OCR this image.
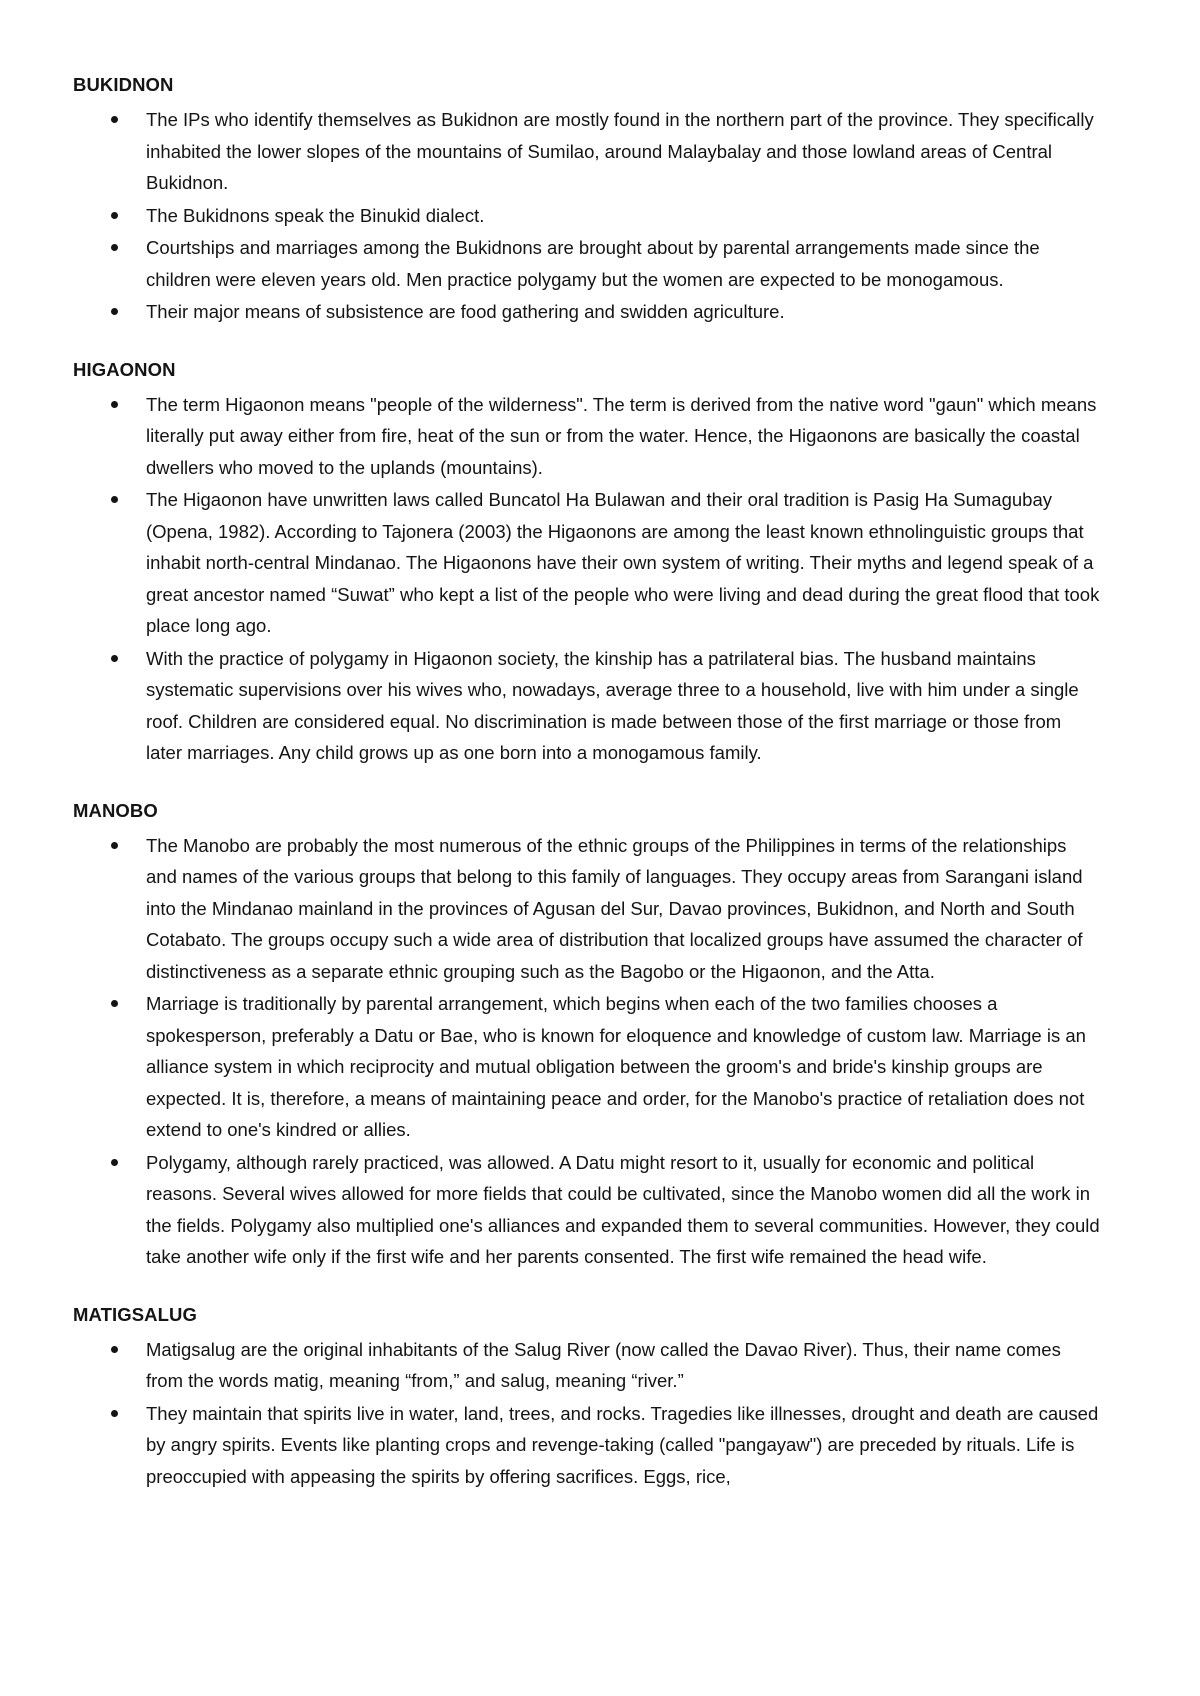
BUKIDNON
The IPs who identify themselves as Bukidnon are mostly found in the northern part of the province. They specifically inhabited the lower slopes of the mountains of Sumilao, around Malaybalay and those lowland areas of Central Bukidnon.
The Bukidnons speak the Binukid dialect.
Courtships and marriages among the Bukidnons are brought about by parental arrangements made since the children were eleven years old. Men practice polygamy but the women are expected to be monogamous.
Their major means of subsistence are food gathering and swidden agriculture.
HIGAONON
The term Higaonon means "people of the wilderness". The term is derived from the native word "gaun" which means literally put away either from fire, heat of the sun or from the water. Hence, the Higaonons are basically the coastal dwellers who moved to the uplands (mountains).
The Higaonon have unwritten laws called Buncatol Ha Bulawan and their oral tradition is Pasig Ha Sumagubay (Opena, 1982). According to Tajonera (2003) the Higaonons are among the least known ethnolinguistic groups that inhabit north-central Mindanao. The Higaonons have their own system of writing. Their myths and legend speak of a great ancestor named “Suwat” who kept a list of the people who were living and dead during the great flood that took place long ago.
With the practice of polygamy in Higaonon society, the kinship has a patrilateral bias. The husband maintains systematic supervisions over his wives who, nowadays, average three to a household, live with him under a single roof. Children are considered equal. No discrimination is made between those of the first marriage or those from later marriages. Any child grows up as one born into a monogamous family.
MANOBO
The Manobo are probably the most numerous of the ethnic groups of the Philippines in terms of the relationships and names of the various groups that belong to this family of languages. They occupy areas from Sarangani island into the Mindanao mainland in the provinces of Agusan del Sur, Davao provinces, Bukidnon, and North and South Cotabato. The groups occupy such a wide area of distribution that localized groups have assumed the character of distinctiveness as a separate ethnic grouping such as the Bagobo or the Higaonon, and the Atta.
Marriage is traditionally by parental arrangement, which begins when each of the two families chooses a spokesperson, preferably a Datu or Bae, who is known for eloquence and knowledge of custom law. Marriage is an alliance system in which reciprocity and mutual obligation between the groom's and bride's kinship groups are expected. It is, therefore, a means of maintaining peace and order, for the Manobo's practice of retaliation does not extend to one's kindred or allies.
Polygamy, although rarely practiced, was allowed. A Datu might resort to it, usually for economic and political reasons. Several wives allowed for more fields that could be cultivated, since the Manobo women did all the work in the fields. Polygamy also multiplied one's alliances and expanded them to several communities. However, they could take another wife only if the first wife and her parents consented. The first wife remained the head wife.
MATIGSALUG
Matigsalug are the original inhabitants of the Salug River (now called the Davao River). Thus, their name comes from the words matig, meaning “from,” and salug, meaning “river.”
They maintain that spirits live in water, land, trees, and rocks. Tragedies like illnesses, drought and death are caused by angry spirits. Events like planting crops and revenge-taking (called "pangayaw") are preceded by rituals. Life is preoccupied with appeasing the spirits by offering sacrifices. Eggs, rice,
